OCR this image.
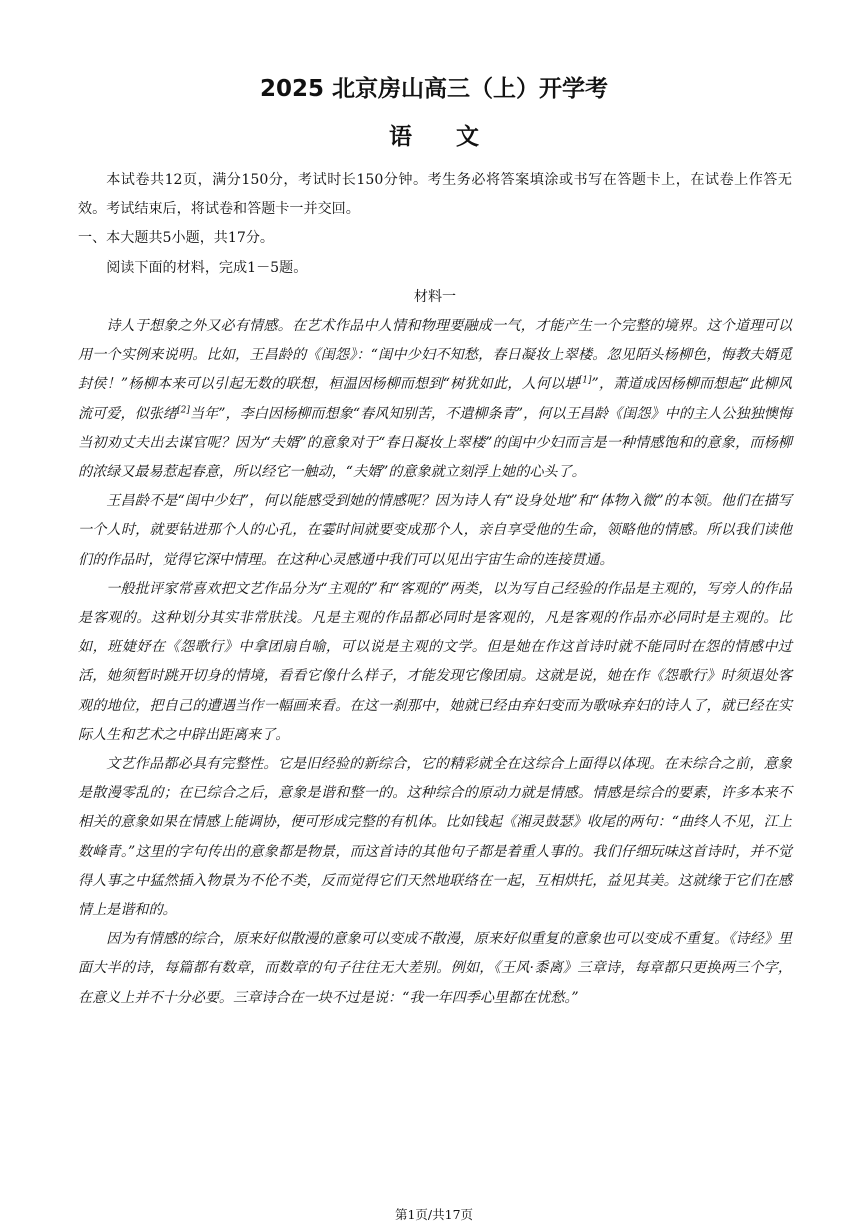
2025 北京房山高三（上）开学考
语文

本试卷共12页，满分150分，考试时长150分钟。考生务必将答案填涂或书写在答题卡上，在试卷上作答无效。考试结束后，将试卷和答题卡一并交回。

一、本大题共5小题，共17分。

阅读下面的材料，完成1－5题。

材料一

诗人于想象之外又必有情感。在艺术作品中人情和物理要融成一气，才能产生一个完整的境界。这个道理可以用一个实例来说明。比如，王昌龄的《闺怨》：“闺中少妇不知愁，春日凝妆上翠楼。忽见陌头杨柳色，悔教夫婿觅封侯！”杨柳本来可以引起无数的联想，桓温因杨柳而想到“树犹如此，人何以堪[1]”，萧道成因杨柳而想起“此柳风流可爱，似张绪[2]当年”，李白因杨柳而想象“春风知别苦，不遣柳条青”，何以王昌龄《闺怨》中的主人公独独懊悔当初劝丈夫出去谋官呢？因为“夫婿”的意象对于“春日凝妆上翠楼”的闺中少妇而言是一种情感饱和的意象，而杨柳的浓绿又最易惹起春意，所以经它一触动，“夫婿”的意象就立刻浮上她的心头了。

王昌龄不是“闺中少妇”，何以能感受到她的情感呢？因为诗人有“设身处地”和“体物入微”的本领。他们在描写一个人时，就要钻进那个人的心孔，在霎时间就要变成那个人，亲自享受他的生命，领略他的情感。所以我们读他们的作品时，觉得它深中情理。在这种心灵感通中我们可以见出宇宙生命的连接贯通。

一般批评家常喜欢把文艺作品分为“主观的”和“客观的”两类，以为写自己经验的作品是主观的，写旁人的作品是客观的。这种划分其实非常肤浅。凡是主观的作品都必同时是客观的，凡是客观的作品亦必同时是主观的。比如，班婕妤在《怨歌行》中拿团扇自喻，可以说是主观的文学。但是她在作这首诗时就不能同时在怨的情感中过活，她须暂时跳开切身的情境，看看它像什么样子，才能发现它像团扇。这就是说，她在作《怨歌行》时须退处客观的地位，把自己的遭遇当作一幅画来看。在这一刹那中，她就已经由弃妇变而为歌咏弃妇的诗人了，就已经在实际人生和艺术之中辟出距离来了。

文艺作品都必具有完整性。它是旧经验的新综合，它的精彩就全在这综合上面得以体现。在未综合之前，意象是散漫零乱的；在已综合之后，意象是谐和整一的。这种综合的原动力就是情感。情感是综合的要素，许多本来不相关的意象如果在情感上能调协，便可形成完整的有机体。比如钱起《湘灵鼓瑟》收尾的两句：“曲终人不见，江上数峰青。”这里的字句传出的意象都是物景，而这首诗的其他句子都是着重人事的。我们仔细玩味这首诗时，并不觉得人事之中猛然插入物景为不伦不类，反而觉得它们天然地联络在一起，互相烘托，益见其美。这就缘于它们在感情上是谐和的。

因为有情感的综合，原来好似散漫的意象可以变成不散漫，原来好似重复的意象也可以变成不重复。《诗经》里面大半的诗，每篇都有数章，而数章的句子往往无大差别。例如，《王风·黍离》三章诗，每章都只更换两三个字，在意义上并不十分必要。三章诗合在一块不过是说：“我一年四季心里都在忧愁。”

第1页/共17页
